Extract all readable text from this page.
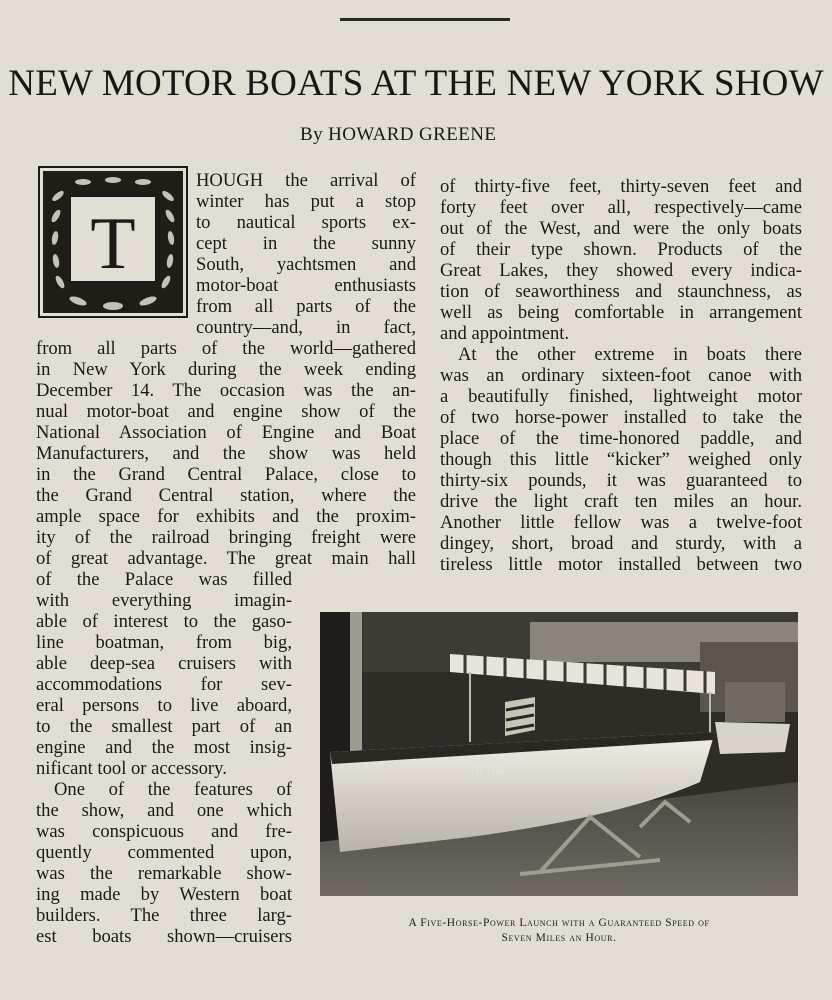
NEW MOTOR BOATS AT THE NEW YORK SHOW
By HOWARD GREENE
T
HOUGH the arrival of
winter has put a stop
to nautical sports ex-
cept in the sunny
South, yachtsmen and
motor-boat enthusiasts
from all parts of the
country—and, in fact,
from all parts of the world—gathered
in New York during the week ending
December 14. The occasion was the an-
nual motor-boat and engine show of the
National Association of Engine and Boat
Manufacturers, and the show was held
in the Grand Central Palace, close to
the Grand Central station, where the
ample space for exhibits and the proxim-
ity of the railroad bringing freight were
of great advantage. The great main hall
of the Palace was filled
with everything imagin-
able of interest to the gaso-
line boatman, from big,
able deep-sea cruisers with
accommodations for sev-
eral persons to live aboard,
to the smallest part of an
engine and the most insig-
nificant tool or accessory.
One of the features of
the show, and one which
was conspicuous and fre-
quently commented upon,
was the remarkable show-
ing made by Western boat
builders. The three larg-
est boats shown—cruisers
of thirty-five feet, thirty-seven feet and
forty feet over all, respectively—came
out of the West, and were the only boats
of their type shown. Products of the
Great Lakes, they showed every indica-
tion of seaworthiness and staunchness, as
well as being comfortable in arrangement
and appointment.
At the other extreme in boats there
was an ordinary sixteen-foot canoe with
a beautifully finished, lightweight motor
of two horse-power installed to take the
place of the time-honored paddle, and
though this little “kicker” weighed only
thirty-six pounds, it was guaranteed to
drive the light craft ten miles an hour.
Another little fellow was a twelve-foot
dingey, short, broad and sturdy, with a
tireless little motor installed between two
VICTOR
A Five-Horse-Power Launch with a Guaranteed Speed of
Seven Miles an Hour.
